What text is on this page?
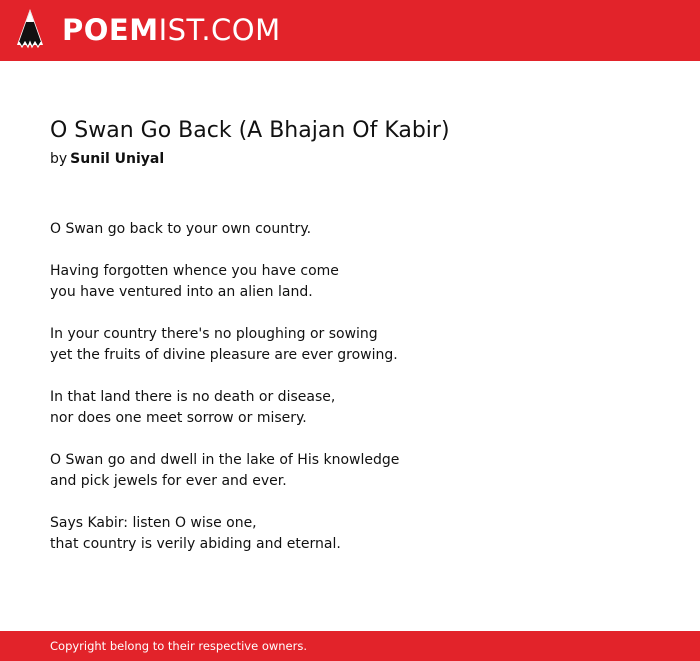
POEMIST.COM
O Swan Go Back (A Bhajan Of Kabir)
by Sunil Uniyal
O Swan go back to your own country.
Having forgotten whence you have come
you have ventured into an alien land.
In your country there's no ploughing or sowing
yet the fruits of divine pleasure are ever growing.
In that land there is no death or disease,
nor does one meet sorrow or misery.
O Swan go and dwell in the lake of His knowledge
and pick jewels for ever and ever.
Says Kabir: listen O wise one,
that country is verily abiding and eternal.
Copyright belong to their respective owners.
